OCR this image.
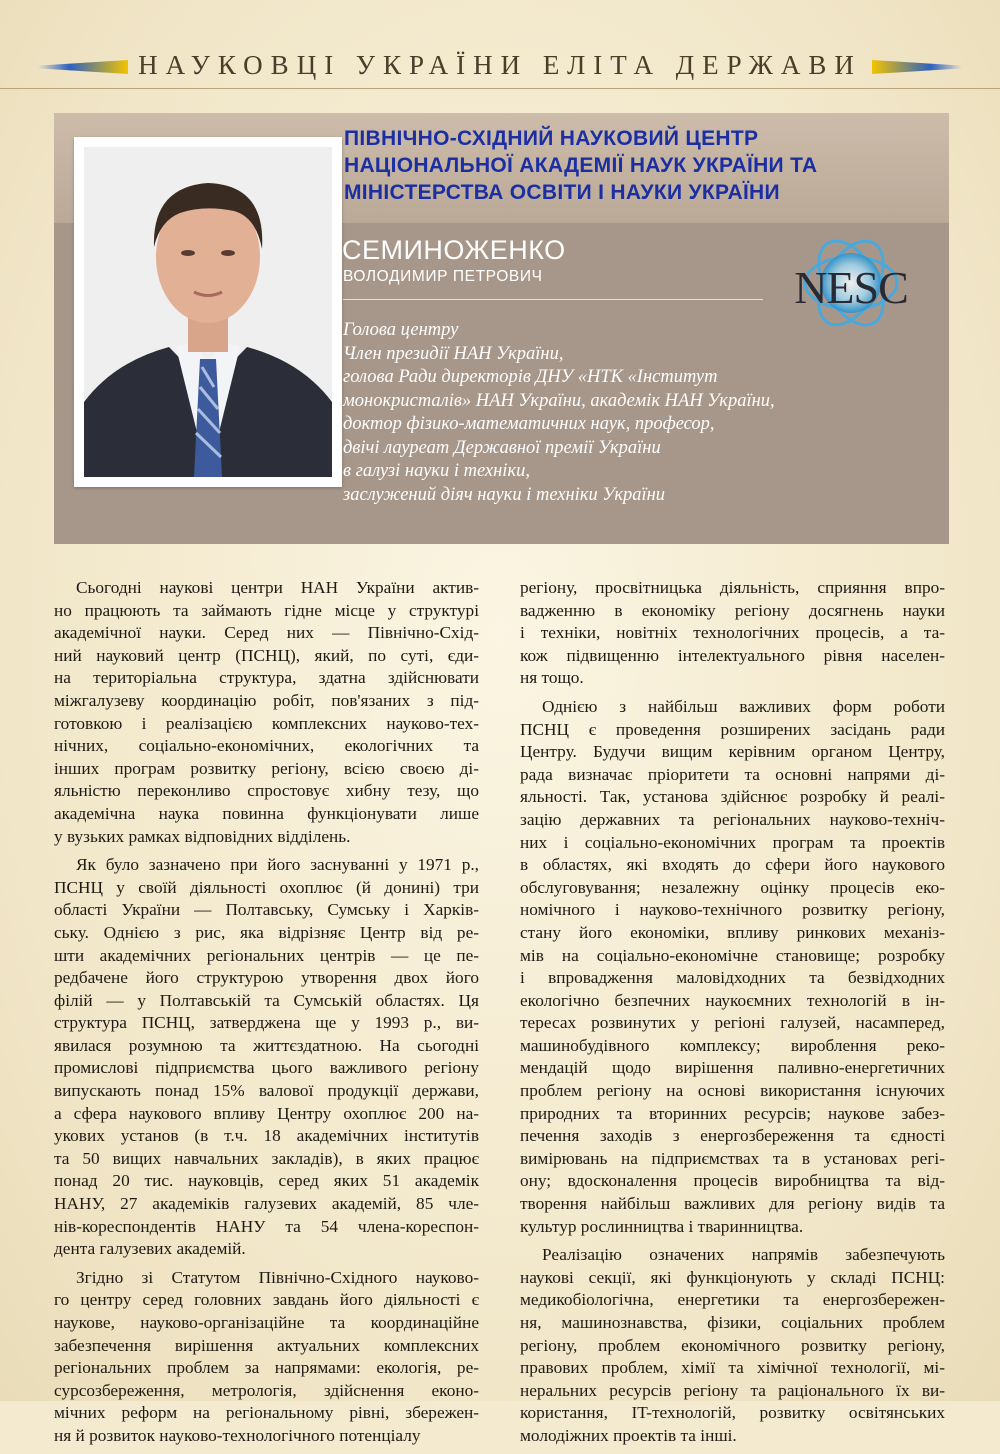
НАУКОВЦІ УКРАЇНИ ЕЛІТА ДЕРЖАВИ
ПІВНІЧНО-СХІДНИЙ НАУКОВИЙ ЦЕНТР
НАЦІОНАЛЬНОЇ АКАДЕМІЇ НАУК УКРАЇНИ ТА
МІНІСТЕРСТВА ОСВІТИ І НАУКИ УКРАЇНИ
СЕМИНОЖЕНКО
ВОЛОДИМИР ПЕТРОВИЧ	NESC
Голова центру
Член президії НАН України,
голова Ради директорів ДНУ «НТК «Інститут
монокристалів» НАН України, академік НАН України,
доктор фізико-математичних наук, професор,
двічі лауреат Державної премії України
в галузі науки і техніки,
заслужений діяч науки і техніки України
Сьогодні наукові центри НАН України актив-
но працюють та займають гідне місце у структурі
академічної науки. Серед них — Північно-Схід-
ний науковий центр (ПСНЦ), який, по суті, єди-
на територіальна структура, здатна здійснювати
міжгалузеву координацію робіт, пов'язаних з під-
готовкою і реалізацією комплексних науково-тех-
нічних, соціально-економічних, екологічних та
інших програм розвитку регіону, всією своєю ді-
яльністю переконливо спростовує хибну тезу, що
академічна наука повинна функціонувати лише
у вузьких рамках відповідних відділень.
Як було зазначено при його заснуванні у 1971 р.,
ПСНЦ у своїй діяльності охоплює (й донині) три
області України — Полтавську, Сумську і Харків-
ську. Однією з рис, яка відрізняє Центр від ре-
шти академічних регіональних центрів — це пе-
редбачене його структурою утворення двох його
філій — у Полтавській та Сумській областях. Ця
структура ПСНЦ, затверджена ще у 1993 р., ви-
явилася розумною та життєздатною. На сьогодні
промислові підприємства цього важливого регіону
випускають понад 15% валової продукції держави,
а сфера наукового впливу Центру охоплює 200 на-
укових установ (в т.ч. 18 академічних інститутів
та 50 вищих навчальних закладів), в яких працює
понад 20 тис. науковців, серед яких 51 академік
НАНУ, 27 академіків галузевих академій, 85 чле-
нів-кореспондентів НАНУ та 54 члена-кореспон-
дента галузевих академій.
Згідно зі Статутом Північно-Східного науково-
го центру серед головних завдань його діяльності є
наукове, науково-організаційне та координаційне
забезпечення вирішення актуальних комплексних
регіональних проблем за напрямами: екологія, ре-
сурсозбереження, метрологія, здійснення еконо-
мічних реформ на регіональному рівні, збережен-
ня й розвиток науково-технологічного потенціалу
регіону, просвітницька діяльність, сприяння впро-
вадженню в економіку регіону досягнень науки
і техніки, новітніх технологічних процесів, а та-
кож підвищенню інтелектуального рівня населен-
ня тощо.
Однією з найбільш важливих форм роботи
ПСНЦ є проведення розширених засідань ради
Центру. Будучи вищим керівним органом Центру,
рада визначає пріоритети та основні напрями ді-
яльності. Так, установа здійснює розробку й реалі-
зацію державних та регіональних науково-техніч-
них і соціально-економічних програм та проектів
в областях, які входять до сфери його наукового
обслуговування; незалежну оцінку процесів еко-
номічного і науково-технічного розвитку регіону,
стану його економіки, впливу ринкових механіз-
мів на соціально-економічне становище; розробку
і впровадження маловідходних та безвідходних
екологічно безпечних наукоємних технологій в ін-
тересах розвинутих у регіоні галузей, насамперед,
машинобудівного комплексу; вироблення реко-
мендацій щодо вирішення паливно-енергетичних
проблем регіону на основі використання існуючих
природних та вторинних ресурсів; наукове забез-
печення заходів з енергозбереження та єдності
вимірювань на підприємствах та в установах регі-
ону; вдосконалення процесів виробництва та від-
творення найбільш важливих для регіону видів та
культур рослинництва і тваринництва.
Реалізацію означених напрямів забезпечують
наукові секції, які функціонують у складі ПСНЦ:
медикобіологічна, енергетики та енергозбережен-
ня, машинознавства, фізики, соціальних проблем
регіону, проблем економічного розвитку регіону,
правових проблем, хімії та хімічної технології, мі-
неральних ресурсів регіону та раціонального їх ви-
користання, IT-технологій, розвитку освітянських
молодіжних проектів та інші.
